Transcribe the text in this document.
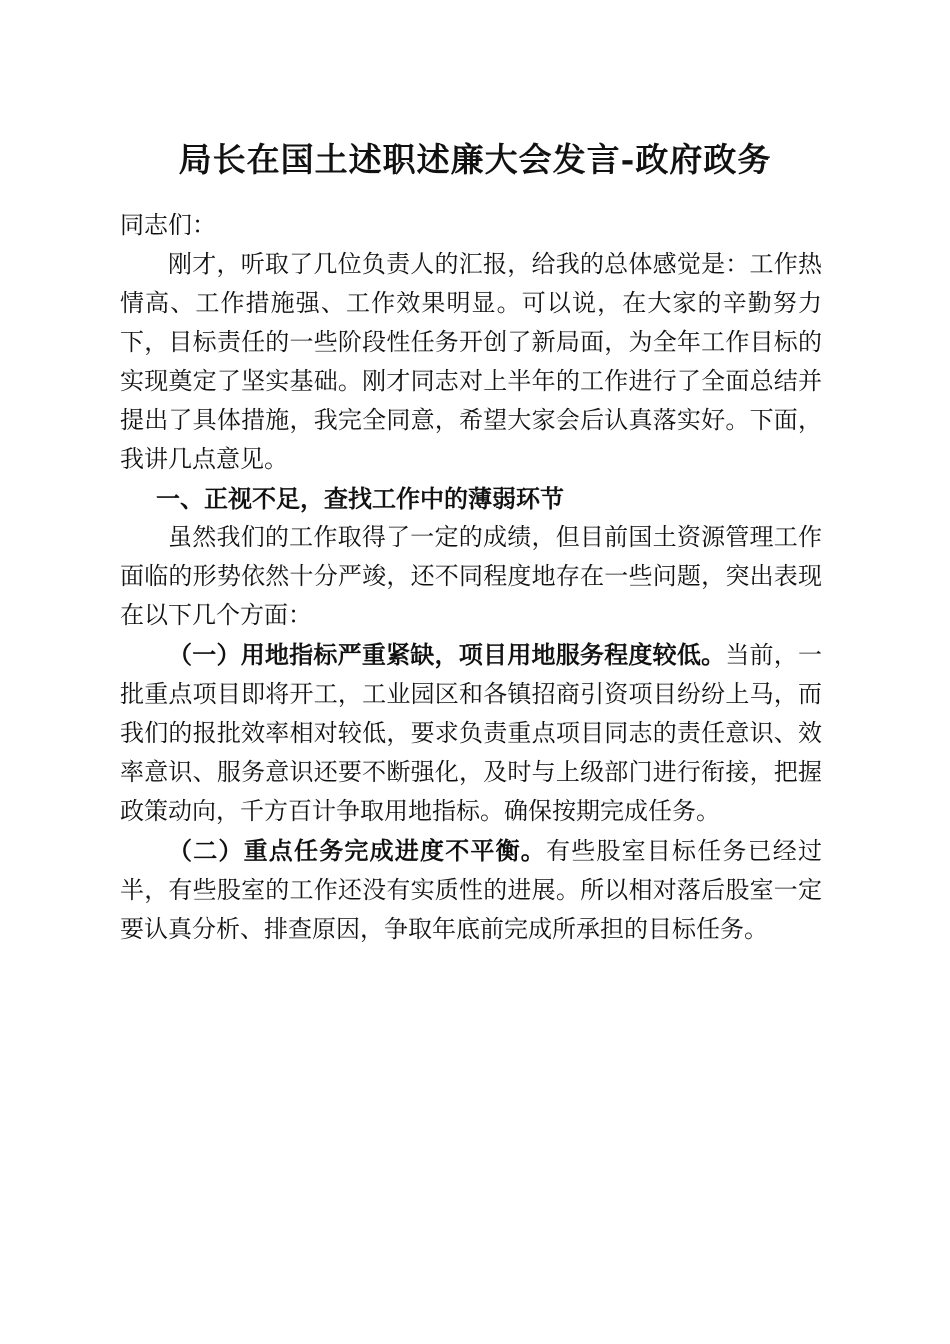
局长在国土述职述廉大会发言-政府政务

同志们：

刚才，听取了几位负责人的汇报，给我的总体感觉是：工作热情高、工作措施强、工作效果明显。可以说，在大家的辛勤努力下，目标责任的一些阶段性任务开创了新局面，为全年工作目标的实现奠定了坚实基础。刚才同志对上半年的工作进行了全面总结并提出了具体措施，我完全同意，希望大家会后认真落实好。下面，我讲几点意见。

一、正视不足，查找工作中的薄弱环节

虽然我们的工作取得了一定的成绩，但目前国土资源管理工作面临的形势依然十分严竣，还不同程度地存在一些问题，突出表现在以下几个方面：

（一）用地指标严重紧缺，项目用地服务程度较低。当前，一批重点项目即将开工，工业园区和各镇招商引资项目纷纷上马，而我们的报批效率相对较低，要求负责重点项目同志的责任意识、效率意识、服务意识还要不断强化，及时与上级部门进行衔接，把握政策动向，千方百计争取用地指标。确保按期完成任务。

（二）重点任务完成进度不平衡。有些股室目标任务已经过半，有些股室的工作还没有实质性的进展。所以相对落后股室一定要认真分析、排查原因，争取年底前完成所承担的目标任务。
